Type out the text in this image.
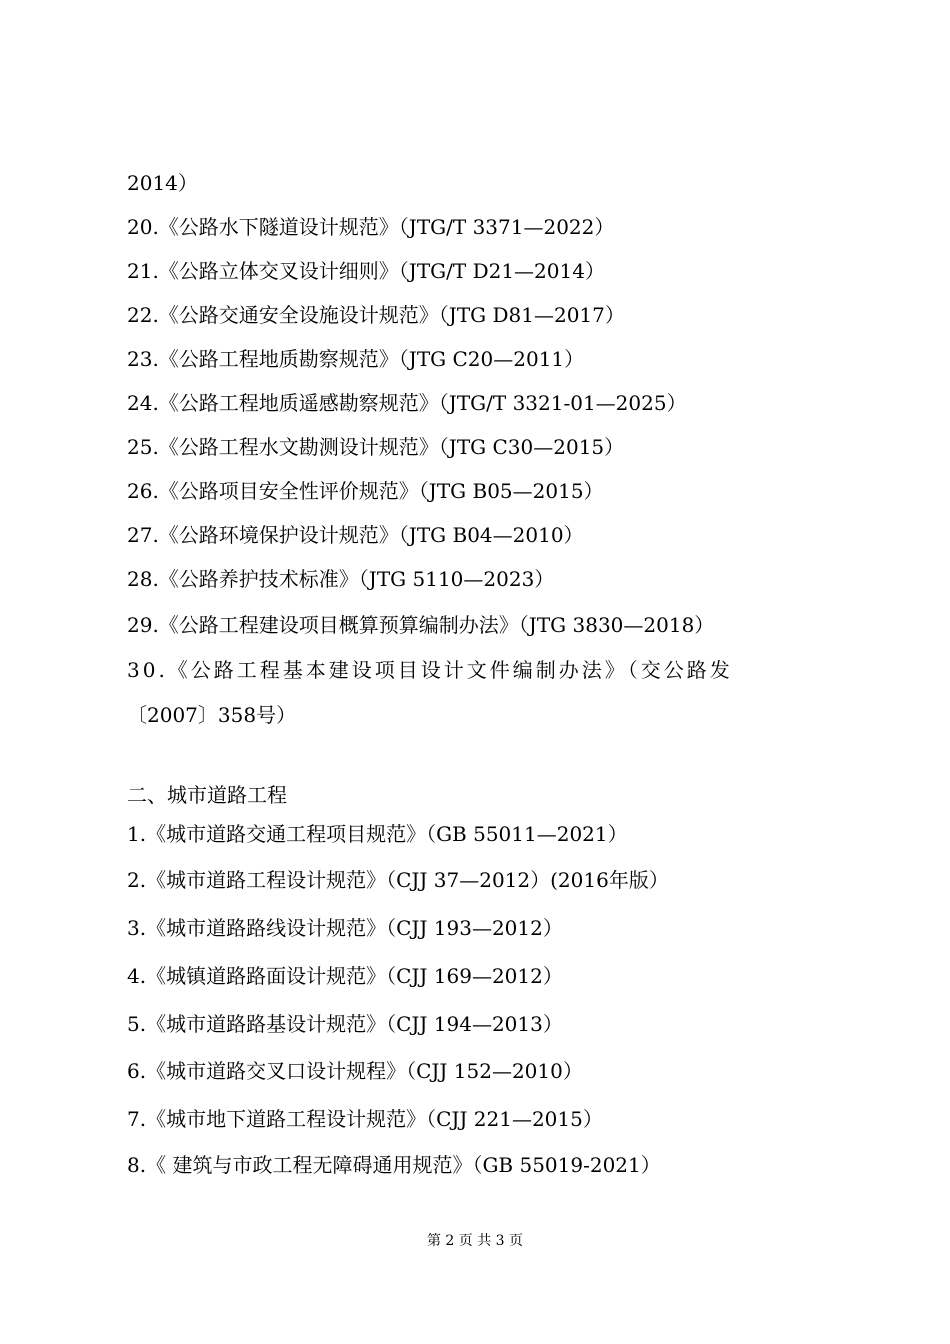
2014）
20.《公路水下隧道设计规范》（JTG/T 3371—2022）
21.《公路立体交叉设计细则》（JTG/T D21—2014）
22.《公路交通安全设施设计规范》（JTG D81—2017）
23.《公路工程地质勘察规范》（JTG C20—2011）
24.《公路工程地质遥感勘察规范》（JTG/T 3321-01—2025）
25.《公路工程水文勘测设计规范》（JTG C30—2015）
26.《公路项目安全性评价规范》（JTG B05—2015）
27.《公路环境保护设计规范》（JTG B04—2010）
28.《公路养护技术标准》（JTG 5110—2023）
29.《公路工程建设项目概算预算编制办法》（JTG 3830—2018）
30.《公路工程基本建设项目设计文件编制办法》（交公路发
〔2007〕358号）
二、城市道路工程
1.《城市道路交通工程项目规范》（GB 55011—2021）
2.《城市道路工程设计规范》（CJJ 37—2012）(2016年版）
3.《城市道路路线设计规范》（CJJ 193—2012）
4.《城镇道路路面设计规范》（CJJ 169—2012）
5.《城市道路路基设计规范》（CJJ 194—2013）
6.《城市道路交叉口设计规程》（CJJ 152—2010）
7.《城市地下道路工程设计规范》（CJJ 221—2015）
8.《 建筑与市政工程无障碍通用规范》（GB 55019-2021）
第 2 页 共 3 页
